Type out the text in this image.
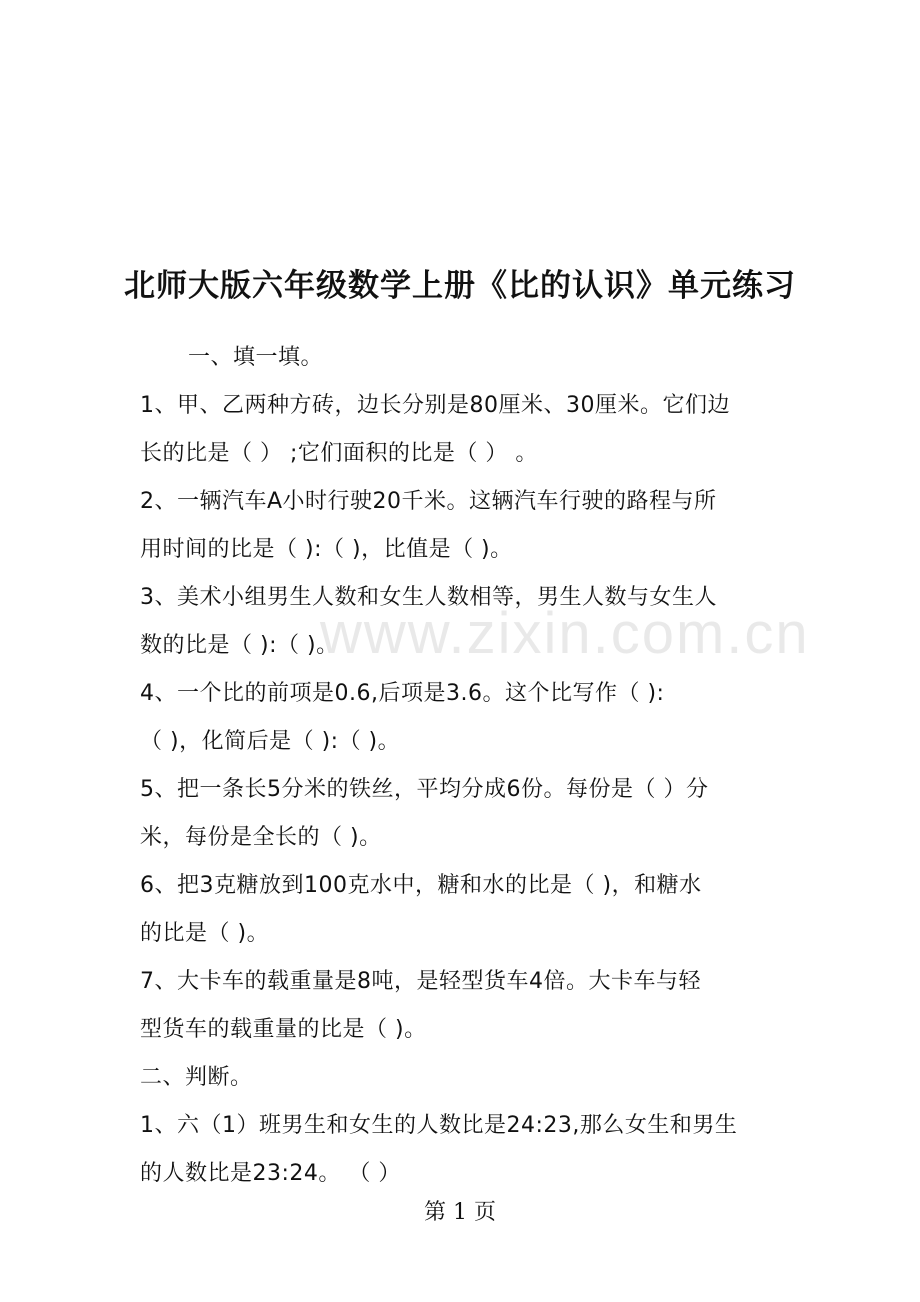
北师大版六年级数学上册《比的认识》单元练习
一、填一填。
1、甲、乙两种方砖，边长分别是80厘米、30厘米。它们边
长的比是（ ） ;它们面积的比是（ ） 。
2、一辆汽车A小时行驶20千米。这辆汽车行驶的路程与所
用时间的比是（ ):（ )，比值是（ )。
3、美术小组男生人数和女生人数相等，男生人数与女生人
数的比是（ ):（ )。
4、一个比的前项是0.6,后项是3.6。这个比写作（ ):
（ )，化简后是（ ):（ )。
5、把一条长5分米的铁丝，平均分成6份。每份是（ ）分
米，每份是全长的（ )。
6、把3克糖放到100克水中，糖和水的比是（ )，和糖水
的比是（ )。
7、大卡车的载重量是8吨，是轻型货车4倍。大卡车与轻
型货车的载重量的比是（ )。
二、判断。
1、六（1）班男生和女生的人数比是24:23,那么女生和男生
的人数比是23:24。 （ ）
www.zixin.com.cn
第 1 页
